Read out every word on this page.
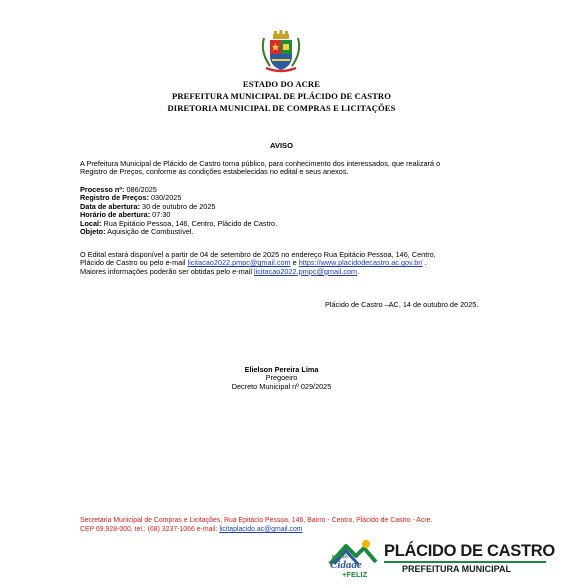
ESTADO DO ACRE
PREFEITURA MUNICIPAL DE PLÁCIDO DE CASTRO
DIRETORIA MUNICIPAL DE COMPRAS E LICITAÇÕES
AVISO
A Prefeitura Municipal de Plácido de Castro torna público, para conhecimento dos interessados, que realizará o
Registro de Preços, conforme as condições estabelecidas no edital e seus anexos.
Processo nº: 086/2025
Registro de Preços: 030/2025
Data de abertura: 30 de outubro de 2025
Horário de abertura: 07:30
Local: Rua Epitácio Pessoa, 146, Centro, Plácido de Castro.
Objeto: Aquisição de Combustível.
O Edital estará disponível a partir de 04 de setembro de 2025 no endereço Rua Epitácio Pessoa, 146, Centro,
Plácido de Castro ou pelo e-mail licitacao2022.pmpc@gmail.com e https://www.placidodecastro.ac.gov.br/ .
Maiores informações poderão ser obtidas pelo e-mail licitacao2022.pmpc@gmail.com.
Plácido de Castro –AC, 14 de outubro de 2025.
Elielson Pereira Lima
Pregoeiro
Decreto Municipal nº 029/2025
Secretaria Municipal de Compras e Licitações, Rua Epitácio Pessoa, 146, Bairro - Centro, Plácido de Castro - Acre.
CEP 69.928-000, tel.: (68) 3237-1066 e-mail: licitaplacido.ac@gmail.com
NOSSA
Cidade
+FELIZ
PLÁCIDO DE CASTRO
PREFEITURA MUNICIPAL
